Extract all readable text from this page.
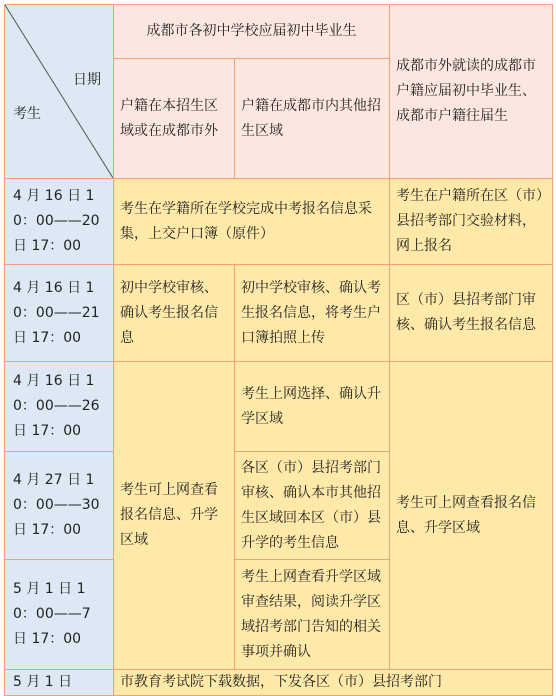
日期
考生	成都市各初中学校应届初中毕业生		成都市外就读的成都市户籍应届初中毕业生、成都市户籍往届生
	户籍在本招生区域或在成都市外	户籍在成都市内其他招生区域	
4 月 16 日 10：00——20 日 17：00	考生在学籍所在学校完成中考报名信息采集，上交户口簿（原件）		考生在户籍所在区（市）县招考部门交验材料，网上报名
4 月 16 日 10：00——21 日 17：00	初中学校审核、确认考生报名信息	初中学校审核、确认考生报名信息，将考生户口簿拍照上传	区（市）县招考部门审核、确认考生报名信息
4 月 16 日 10：00——26 日 17：00	考生可上网查看报名信息、升学区域	考生上网选择、确认升学区域	考生可上网查看报名信息、升学区域
4 月 27 日 10：00——30 日 17：00		各区（市）县招考部门审核、确认本市其他招生区域回本区（市）县升学的考生信息	
5 月 1 日 10：00——7 日 17：00		考生上网查看升学区域审查结果，阅读升学区域招考部门告知的相关事项并确认	
5 月 1 日	市教育考试院下载数据，下发各区（市）县招考部门		
